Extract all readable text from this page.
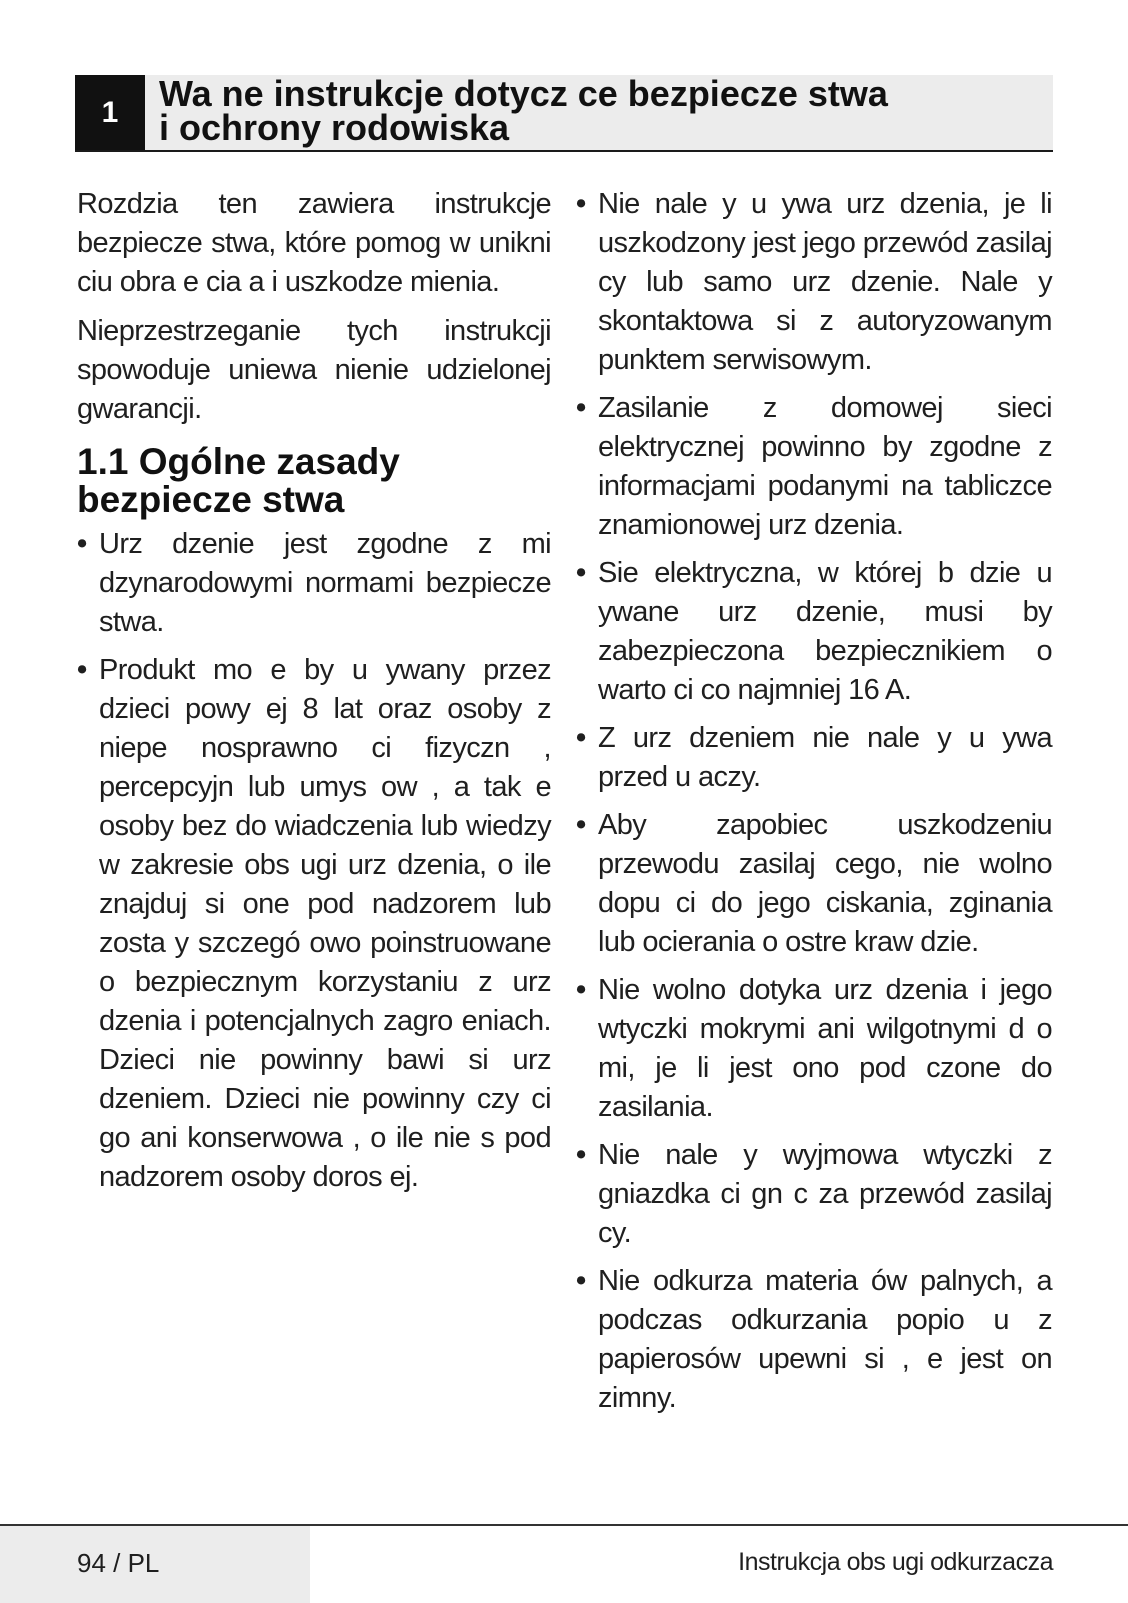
1	Wa ne instrukcje dotycz ce bezpiecze stwa
i ochrony rodowiska

Rozdzia ten zawiera instrukcje bezpiecze stwa, które pomog w unikni ciu obra e cia a i uszkodze mienia.

Nieprzestrzeganie tych instrukcji spowoduje uniewa nienie udzielonej gwarancji.

1.1 Ogólne zasady
bezpiecze stwa
• Urz dzenie jest zgodne z mi dzynarodowymi normami bezpiecze stwa.
• Produkt mo e by u ywany przez dzieci powy ej 8 lat oraz osoby z niepe nosprawno ci fizyczn , percepcyjn lub umys ow , a tak e osoby bez do wiadczenia lub wiedzy w zakresie obs ugi urz dzenia, o ile znajduj si one pod nadzorem lub zosta y szczegó owo poinstruowane o bezpiecznym korzystaniu z urz dzenia i potencjalnych zagro eniach. Dzieci nie powinny bawi si urz dzeniem. Dzieci nie powinny czy ci go ani konserwowa , o ile nie s pod nadzorem osoby doros ej.
• Nie nale y u ywa urz dzenia, je li uszkodzony jest jego przewód zasilaj cy lub samo urz dzenie. Nale y skontaktowa si z autoryzowanym punktem serwisowym.
• Zasilanie z domowej sieci elektrycznej powinno by zgodne z informacjami podanymi na tabliczce znamionowej urz dzenia.
• Sie elektryczna, w której b dzie u ywane urz dzenie, musi by zabezpieczona bezpiecznikiem o warto ci co najmniej 16 A.
• Z urz dzeniem nie nale y u ywa przed u aczy.
• Aby zapobiec uszkodzeniu przewodu zasilaj cego, nie wolno dopu ci do jego ciskania, zginania lub ocierania o ostre kraw dzie.
• Nie wolno dotyka urz dzenia i jego wtyczki mokrymi ani wilgotnymi d o mi, je li jest ono pod czone do zasilania.
• Nie nale y wyjmowa wtyczki z gniazdka ci gn c za przewód zasilaj cy.
• Nie odkurza materia ów palnych, a podczas odkurzania popio u z papierosów upewni si , e jest on zimny.
94 / PL	Instrukcja obs ugi odkurzacza
